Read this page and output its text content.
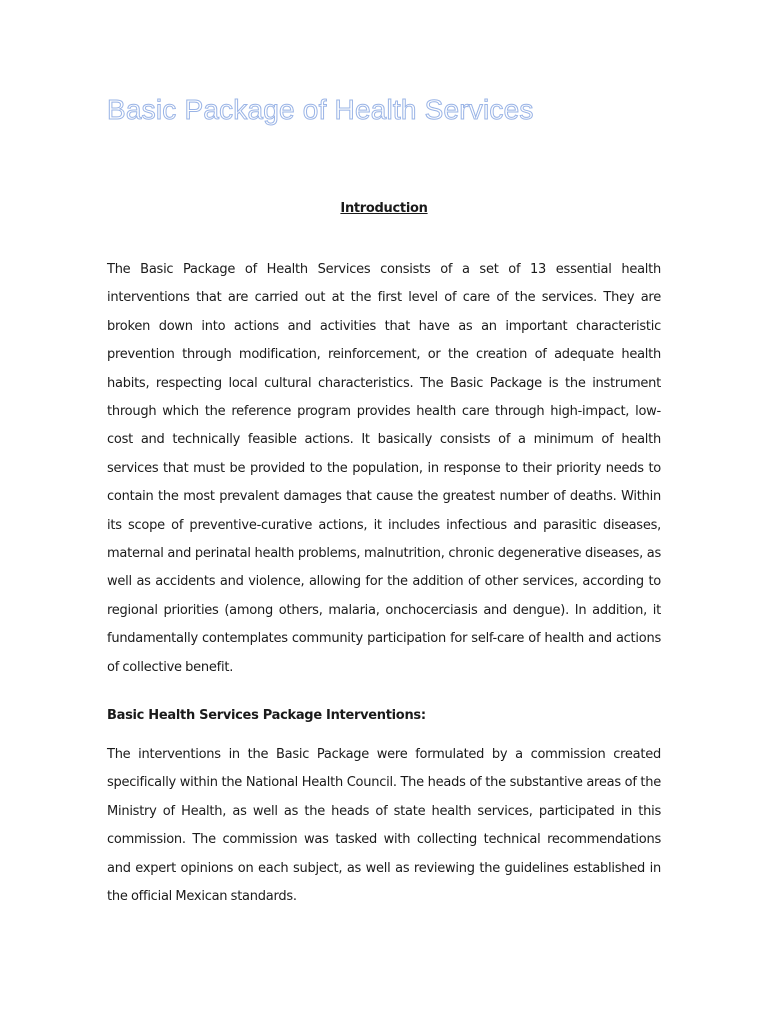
Basic Package of Health Services
Introduction

The Basic Package of Health Services consists of a set of 13 essential health interventions that are carried out at the first level of care of the services. They are broken down into actions and activities that have as an important characteristic prevention through modification, reinforcement, or the creation of adequate health habits, respecting local cultural characteristics. The Basic Package is the instrument through which the reference program provides health care through high-impact, low-cost and technically feasible actions. It basically consists of a minimum of health services that must be provided to the population, in response to their priority needs to contain the most prevalent damages that cause the greatest number of deaths. Within its scope of preventive-curative actions, it includes infectious and parasitic diseases, maternal and perinatal health problems, malnutrition, chronic degenerative diseases, as well as accidents and violence, allowing for the addition of other services, according to regional priorities (among others, malaria, onchocerciasis and dengue). In addition, it fundamentally contemplates community participation for self-care of health and actions of collective benefit.

Basic Health Services Package Interventions:

The interventions in the Basic Package were formulated by a commission created specifically within the National Health Council. The heads of the substantive areas of the Ministry of Health, as well as the heads of state health services, participated in this commission. The commission was tasked with collecting technical recommendations and expert opinions on each subject, as well as reviewing the guidelines established in the official Mexican standards.
